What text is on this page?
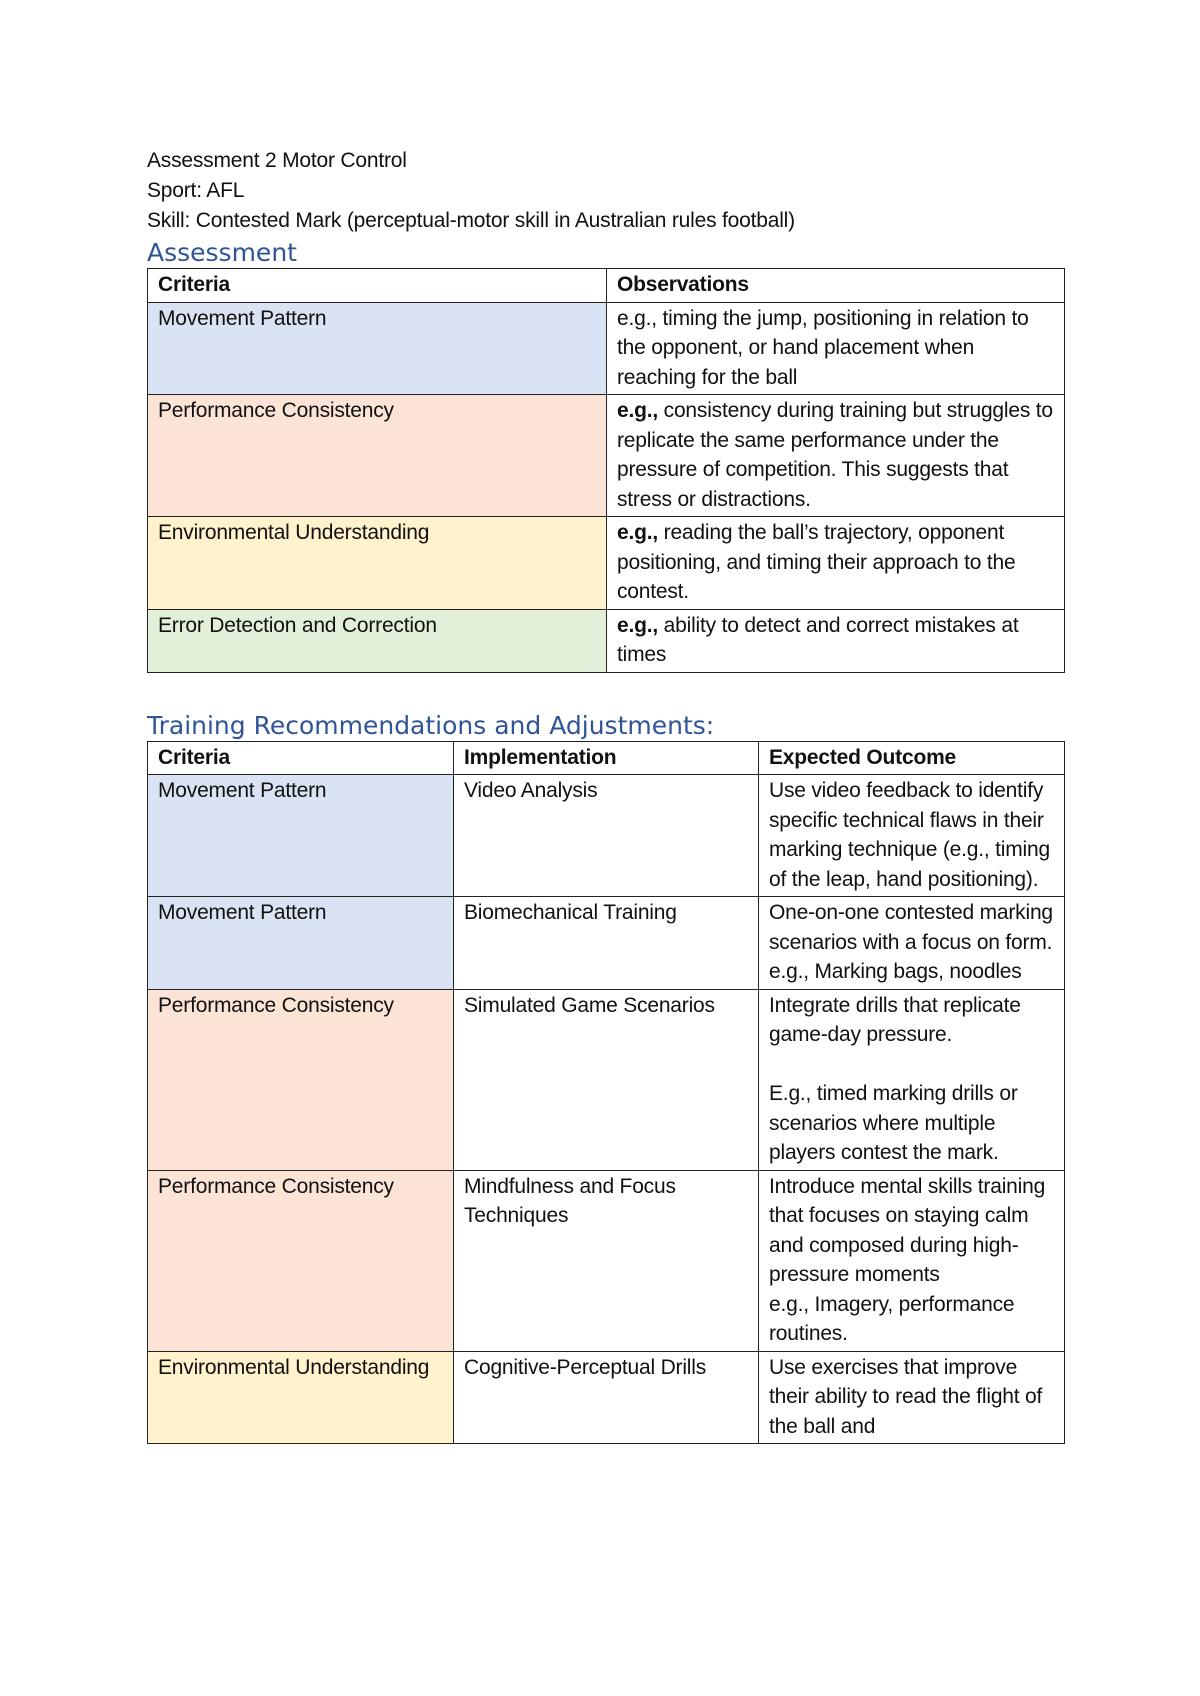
Assessment 2 Motor Control
Sport: AFL
Skill: Contested Mark (perceptual-motor skill in Australian rules football)
Assessment
Criteria	Observations
Movement Pattern	e.g., timing the jump, positioning in relation to the opponent, or hand placement when reaching for the ball
Performance Consistency	e.g., consistency during training but struggles to replicate the same performance under the pressure of competition. This suggests that stress or distractions.
Environmental Understanding	e.g., reading the ball’s trajectory, opponent positioning, and timing their approach to the contest.
Error Detection and Correction	e.g., ability to detect and correct mistakes at times
Training Recommendations and Adjustments:
Criteria	Implementation	Expected Outcome
Movement Pattern	Video Analysis	Use video feedback to identify specific technical flaws in their marking technique (e.g., timing of the leap, hand positioning).

Movement Pattern	Biomechanical Training	One-on-one contested marking scenarios with a focus on form.
e.g., Marking bags, noodles

Performance Consistency	Simulated Game Scenarios	Integrate drills that replicate game-day pressure.
E.g., timed marking drills or scenarios where multiple players contest the mark.

Performance Consistency	Mindfulness and Focus Techniques	Introduce mental skills training that focuses on staying calm and composed during high-pressure moments
e.g., Imagery, performance routines.

Environmental Understanding	Cognitive-Perceptual Drills	Use exercises that improve their ability to read the flight of the ball and
